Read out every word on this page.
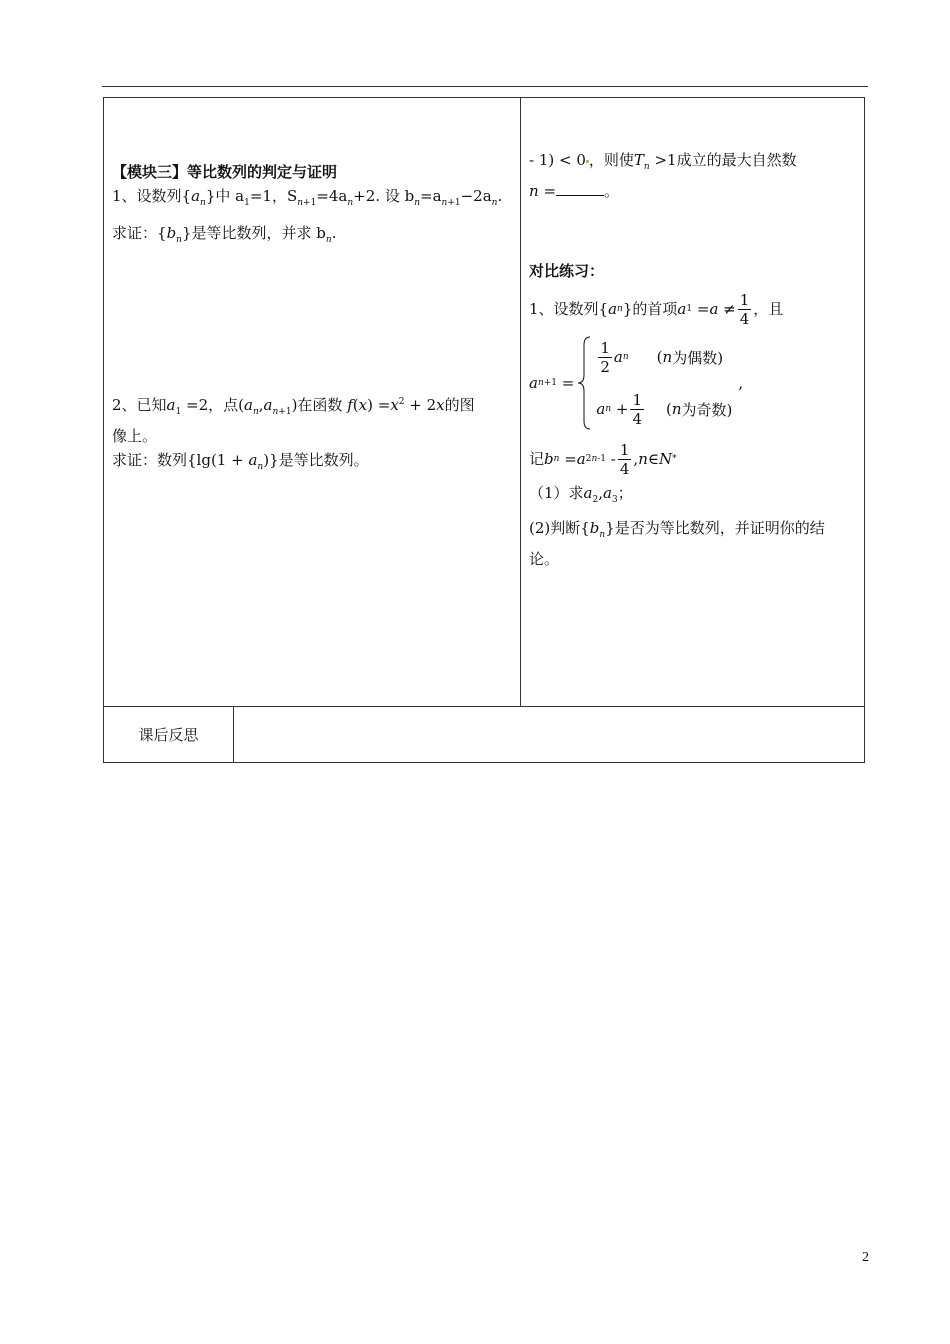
【模块三】等比数列的判定与证明
1、设数列$\{a_n\}$中 $a_1=1$，$S_{n+1}=4a_n+2$. 设 $b_n=a_{n+1}-2a_n$.
求证：$\{b_n\}$是等比数列，并求 $b_n$.
2、已知$a_1 =2$，点$(a_n,a_{n+1})$在函数 $f(x) =x^2 + 2x$的图
像上。
求证：数列$\{\lg(1 + a_n)\}$是等比数列。
- 1) < 0 ，则使$T_n >1$成立的最大自然数
n =	。
对比练习：
1、设数列 { a n } 的首项 a $1 = a \ne \frac{1}{4}$ ，且
a n +1 =
$\frac{1}{2}$ a n ( n 为偶数)
a $n + \frac{1}{4}$ ( n 为奇数)
,
记 b n = a $2n-1 - \frac{1}{4}$ , n ∈ N *
（1）求$a_2,a_3$；
(2)判断$\{b_n\}$是否为等比数列，并证明你的结
论。
课后反思
2
